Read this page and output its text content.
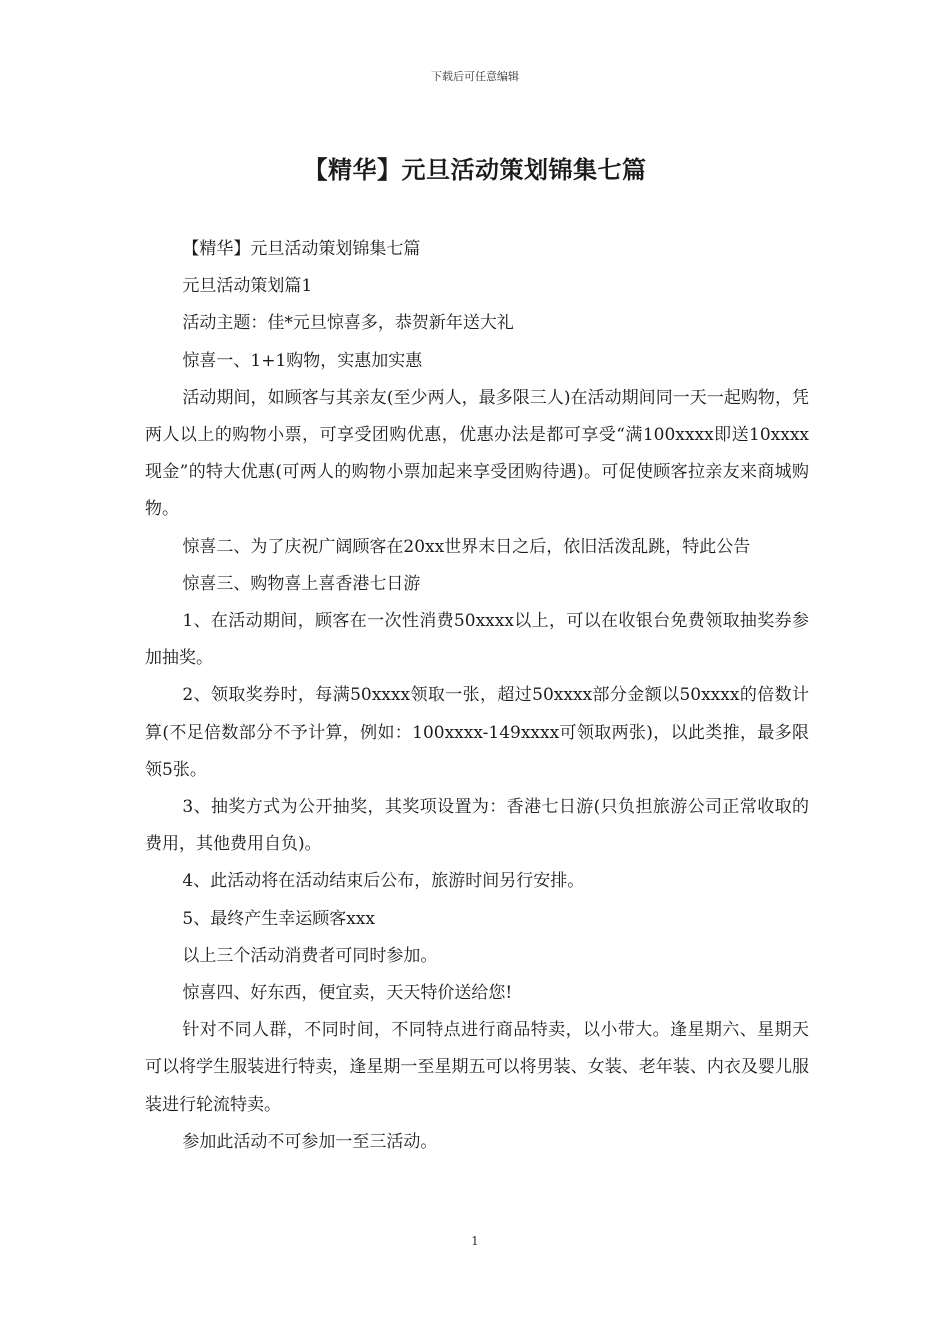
下载后可任意编辑
【精华】元旦活动策划锦集七篇

【精华】元旦活动策划锦集七篇

元旦活动策划篇1

活动主题：佳*元旦惊喜多，恭贺新年送大礼

惊喜一、1+1购物，实惠加实惠

活动期间，如顾客与其亲友(至少两人，最多限三人)在活动期间同一天一起购物，凭两人以上的购物小票，可享受团购优惠，优惠办法是都可享受“满100xxxx即送10xxxx现金”的特大优惠(可两人的购物小票加起来享受团购待遇)。可促使顾客拉亲友来商城购物。

惊喜二、为了庆祝广阔顾客在20xx世界末日之后，依旧活泼乱跳，特此公告

惊喜三、购物喜上喜香港七日游

1、在活动期间，顾客在一次性消费50xxxx以上，可以在收银台免费领取抽奖券参加抽奖。

2、领取奖券时，每满50xxxx领取一张，超过50xxxx部分金额以50xxxx的倍数计算(不足倍数部分不予计算，例如：100xxxx-149xxxx可领取两张)，以此类推，最多限领5张。

3、抽奖方式为公开抽奖，其奖项设置为：香港七日游(只负担旅游公司正常收取的费用，其他费用自负)。

4、此活动将在活动结束后公布，旅游时间另行安排。

5、最终产生幸运顾客xxx

以上三个活动消费者可同时参加。

惊喜四、好东西，便宜卖，天天特价送给您!

针对不同人群，不同时间，不同特点进行商品特卖，以小带大。逢星期六、星期天可以将学生服装进行特卖，逢星期一至星期五可以将男装、女装、老年装、内衣及婴儿服装进行轮流特卖。

参加此活动不可参加一至三活动。

1
